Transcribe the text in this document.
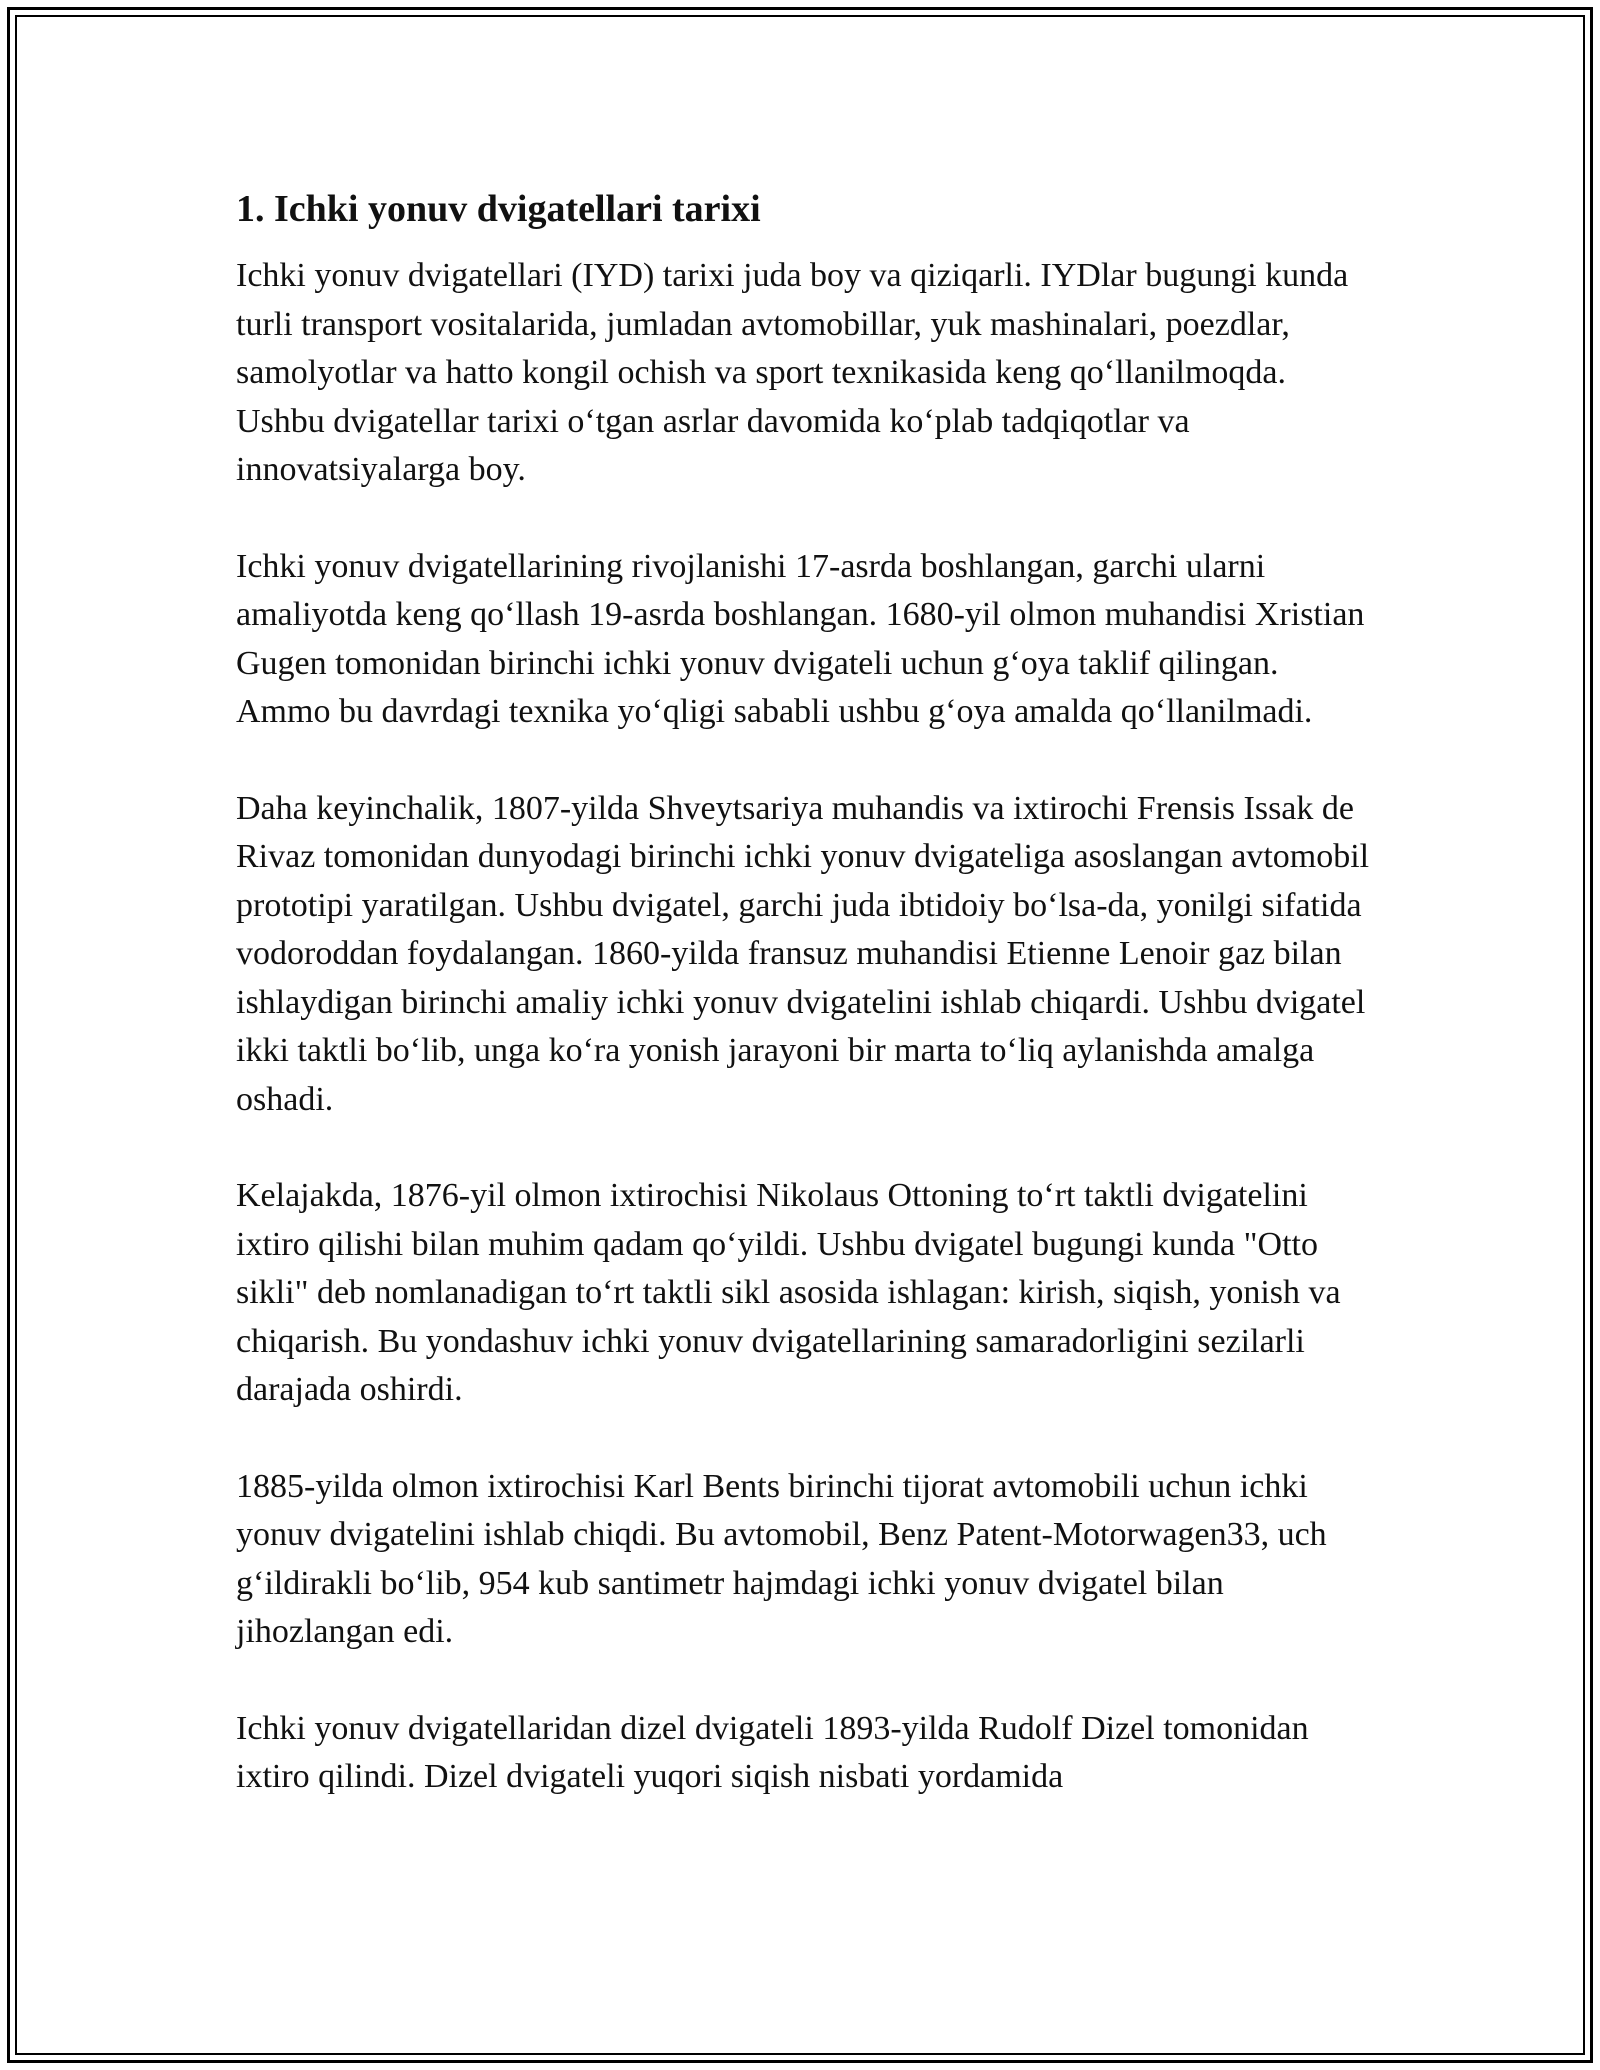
1. Ichki yonuv dvigatellari tarixi

Ichki yonuv dvigatellari (IYD) tarixi juda boy va qiziqarli. IYDlar bugungi kunda turli transport vositalarida, jumladan avtomobillar, yuk mashinalari, poezdlar, samolyotlar va hatto kongil ochish va sport texnikasida keng qo‘llanilmoqda. Ushbu dvigatellar tarixi o‘tgan asrlar davomida ko‘plab tadqiqotlar va innovatsiyalarga boy.

Ichki yonuv dvigatellarining rivojlanishi 17-asrda boshlangan, garchi ularni amaliyotda keng qo‘llash 19-asrda boshlangan. 1680-yil olmon muhandisi Xristian Gugen tomonidan birinchi ichki yonuv dvigateli uchun g‘oya taklif qilingan. Ammo bu davrdagi texnika yo‘qligi sababli ushbu g‘oya amalda qo‘llanilmadi.

Daha keyinchalik, 1807-yilda Shveytsariya muhandis va ixtirochi Frensis Issak de Rivaz tomonidan dunyodagi birinchi ichki yonuv dvigateliga asoslangan avtomobil prototipi yaratilgan. Ushbu dvigatel, garchi juda ibtidoiy bo‘lsa-da, yonilgi sifatida vodoroddan foydalangan. 1860-yilda fransuz muhandisi Etienne Lenoir gaz bilan ishlaydigan birinchi amaliy ichki yonuv dvigatelini ishlab chiqardi. Ushbu dvigatel ikki taktli bo‘lib, unga ko‘ra yonish jarayoni bir marta to‘liq aylanishda amalga oshadi.

Kelajakda, 1876-yil olmon ixtirochisi Nikolaus Ottoning to‘rt taktli dvigatelini ixtiro qilishi bilan muhim qadam qo‘yildi. Ushbu dvigatel bugungi kunda "Otto sikli" deb nomlanadigan to‘rt taktli sikl asosida ishlagan: kirish, siqish, yonish va chiqarish. Bu yondashuv ichki yonuv dvigatellarining samaradorligini sezilarli darajada oshirdi.

1885-yilda olmon ixtirochisi Karl Bents birinchi tijorat avtomobili uchun ichki yonuv dvigatelini ishlab chiqdi. Bu avtomobil, Benz Patent-Motorwagen33, uch g‘ildirakli bo‘lib, 954 kub santimetr hajmdagi ichki yonuv dvigatel bilan jihozlangan edi.

Ichki yonuv dvigatellaridan dizel dvigateli 1893-yilda Rudolf Dizel tomonidan ixtiro qilindi. Dizel dvigateli yuqori siqish nisbati yordamida
